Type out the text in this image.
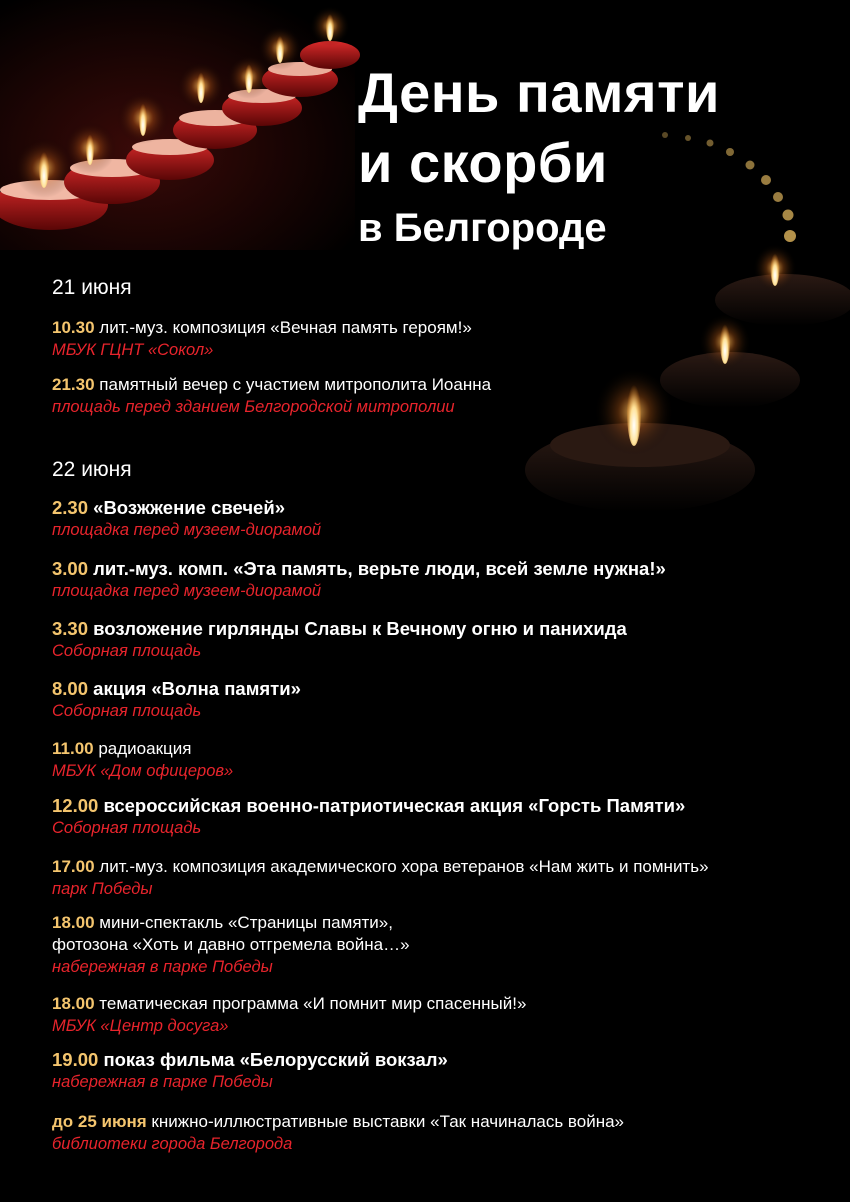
День памяти
и скорби
в Белгороде
21 июня
10.30 лит.-муз. композиция «Вечная память героям!»
МБУК ГЦНТ «Сокол»
21.30 памятный вечер с участием митрополита Иоанна
площадь перед зданием Белгородской митрополии
22 июня
2.30 «Возжжение свечей»
площадка перед музеем-диорамой
3.00 лит.-муз. комп. «Эта память, верьте люди, всей земле нужна!»
площадка перед музеем-диорамой
3.30 возложение гирлянды Славы к Вечному огню и панихида
Соборная площадь
8.00 акция «Волна памяти»
Соборная площадь
11.00 радиоакция
МБУК «Дом офицеров»
12.00 всероссийская военно-патриотическая акция «Горсть Памяти»
Соборная площадь
17.00 лит.-муз. композиция академического хора ветеранов «Нам жить и помнить»
парк Победы
18.00 мини-спектакль «Страницы памяти»,
фотозона «Хоть и давно отгремела война…»
набережная в парке Победы
18.00 тематическая программа «И помнит мир спасенный!»
МБУК «Центр досуга»
19.00 показ фильма «Белорусский вокзал»
набережная в парке Победы
до 25 июня книжно-иллюстративные выставки «Так начиналась война»
библиотеки города Белгорода
